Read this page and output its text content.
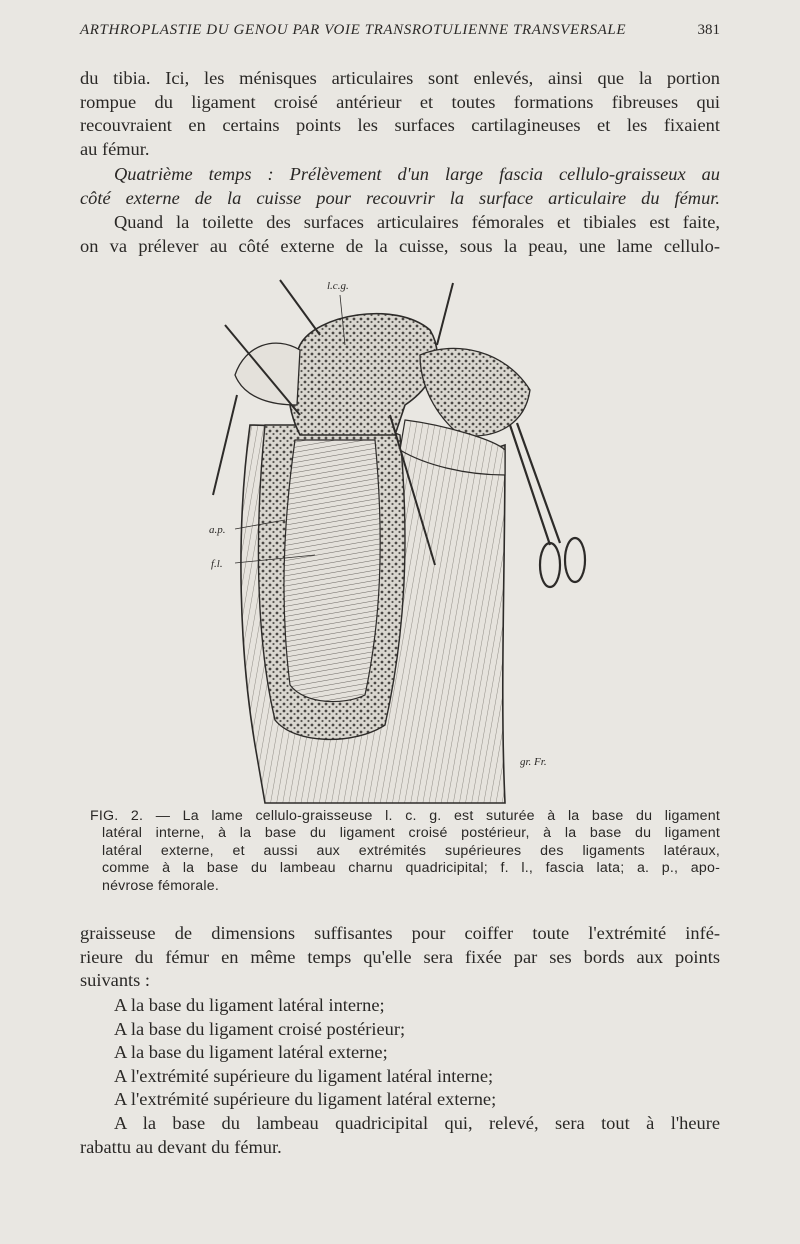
ARTHROPLASTIE DU GENOU PAR VOIE TRANSROTULIENNE TRANSVERSALE	381
du tibia. Ici, les ménisques articulaires sont enlevés, ainsi que la portion
rompue du ligament croisé antérieur et toutes formations fibreuses qui
recouvraient en certains points les surfaces cartilagineuses et les fixaient
au fémur.
Quatrième temps : Prélèvement d'un large fascia cellulo-graisseux au
côté externe de la cuisse pour recouvrir la surface articulaire du fémur.
Quand la toilette des surfaces articulaires fémorales et tibiales est faite,
on va prélever au côté externe de la cuisse, sous la peau, une lame cellulo-
l.c.g.
a.p.
f.l.
gr. Fr.
FIG. 2. — La lame cellulo-graisseuse l. c. g. est suturée à la base du ligament
latéral interne, à la base du ligament croisé postérieur, à la base du ligament
latéral externe, et aussi aux extrémités supérieures des ligaments latéraux,
comme à la base du lambeau charnu quadricipital; f. l., fascia lata; a. p., apo-
névrose fémorale.
graisseuse de dimensions suffisantes pour coiffer toute l'extrémité infé-
rieure du fémur en même temps qu'elle sera fixée par ses bords aux points
suivants :
A la base du ligament latéral interne;
A la base du ligament croisé postérieur;
A la base du ligament latéral externe;
A l'extrémité supérieure du ligament latéral interne;
A l'extrémité supérieure du ligament latéral externe;
A la base du lambeau quadricipital qui, relevé, sera tout à l'heure
rabattu au devant du fémur.
